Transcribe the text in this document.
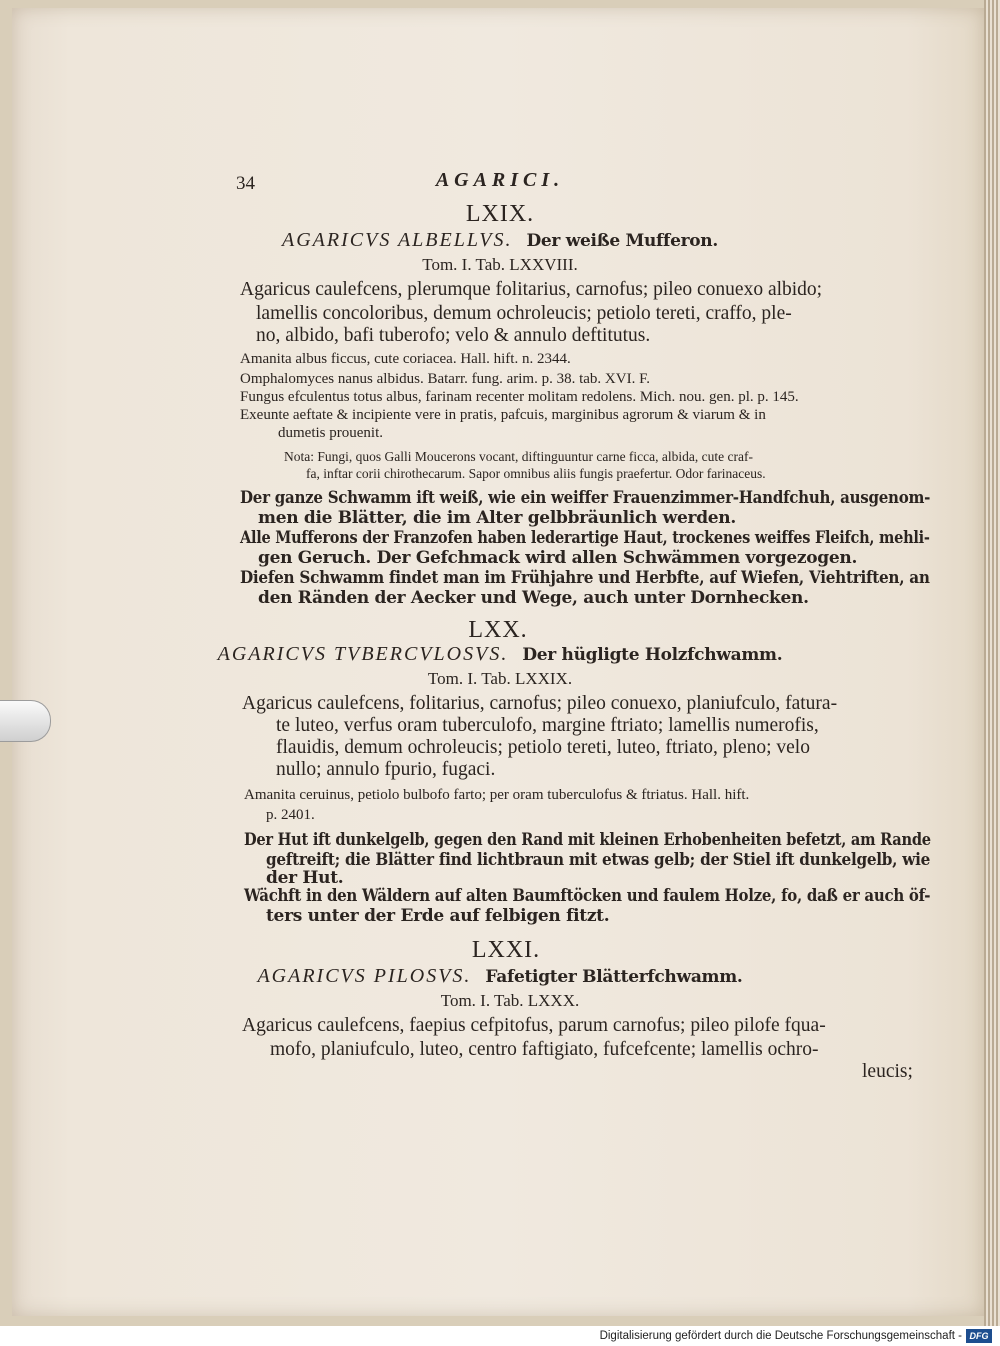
34	AGARICI.
LXIX.
AGARICVS ALBELLVS. Der weiße Mufferon.
Tom. I. Tab. LXXVIII.
Agaricus caulefcens, plerumque folitarius, carnofus; pileo conuexo albido;
lamellis concoloribus, demum ochroleucis; petiolo tereti, craffo, ple-
no, albido, bafi tuberofo; velo & annulo deftitutus.
Amanita albus ficcus, cute coriacea. Hall. hift. n. 2344.
Omphalomyces nanus albidus. Batarr. fung. arim. p. 38. tab. XVI. F.
Fungus efculentus totus albus, farinam recenter molitam redolens. Mich. nou. gen. pl. p. 145.
Exeunte aeftate & incipiente vere in pratis, pafcuis, marginibus agrorum & viarum & in
dumetis prouenit.
Nota: Fungi, quos Galli Moucerons vocant, diftinguuntur carne ficca, albida, cute craf-
fa, inftar corii chirothecarum. Sapor omnibus aliis fungis praefertur. Odor farinaceus.
Der ganze Schwamm ift weiß, wie ein weiffer Frauenzimmer-Handfchuh, ausgenom-
men die Blätter, die im Alter gelbbräunlich werden.
Alle Mufferons der Franzofen haben lederartige Haut, trockenes weiffes Fleifch, mehli-
gen Geruch. Der Gefchmack wird allen Schwämmen vorgezogen.
Diefen Schwamm findet man im Frühjahre und Herbfte, auf Wiefen, Viehtriften, an
den Ränden der Aecker und Wege, auch unter Dornhecken.
LXX.
AGARICVS TVBERCVLOSVS. Der hügligte Holzfchwamm.
Tom. I. Tab. LXXIX.
Agaricus caulefcens, folitarius, carnofus; pileo conuexo, planiufculo, fatura-
te luteo, verfus oram tuberculofo, margine ftriato; lamellis numerofis,
flauidis, demum ochroleucis; petiolo tereti, luteo, ftriato, pleno; velo
nullo; annulo fpurio, fugaci.
Amanita ceruinus, petiolo bulbofo farto; per oram tuberculofus & ftriatus. Hall. hift.
p. 2401.
Der Hut ift dunkelgelb, gegen den Rand mit kleinen Erhobenheiten befetzt, am Rande
geftreift; die Blätter find lichtbraun mit etwas gelb; der Stiel ift dunkelgelb, wie
der Hut.
Wächft in den Wäldern auf alten Baumftöcken und faulem Holze, fo, daß er auch öf-
ters unter der Erde auf felbigen fitzt.
LXXI.
AGARICVS PILOSVS. Fafetigter Blätterfchwamm.
Tom. I. Tab. LXXX.
Agaricus caulefcens, faepius cefpitofus, parum carnofus; pileo pilofe fqua-
mofo, planiufculo, luteo, centro faftigiato, fufcefcente; lamellis ochro-
leucis;
Digitalisierung gefördert durch die Deutsche Forschungsgemeinschaft - DFG
